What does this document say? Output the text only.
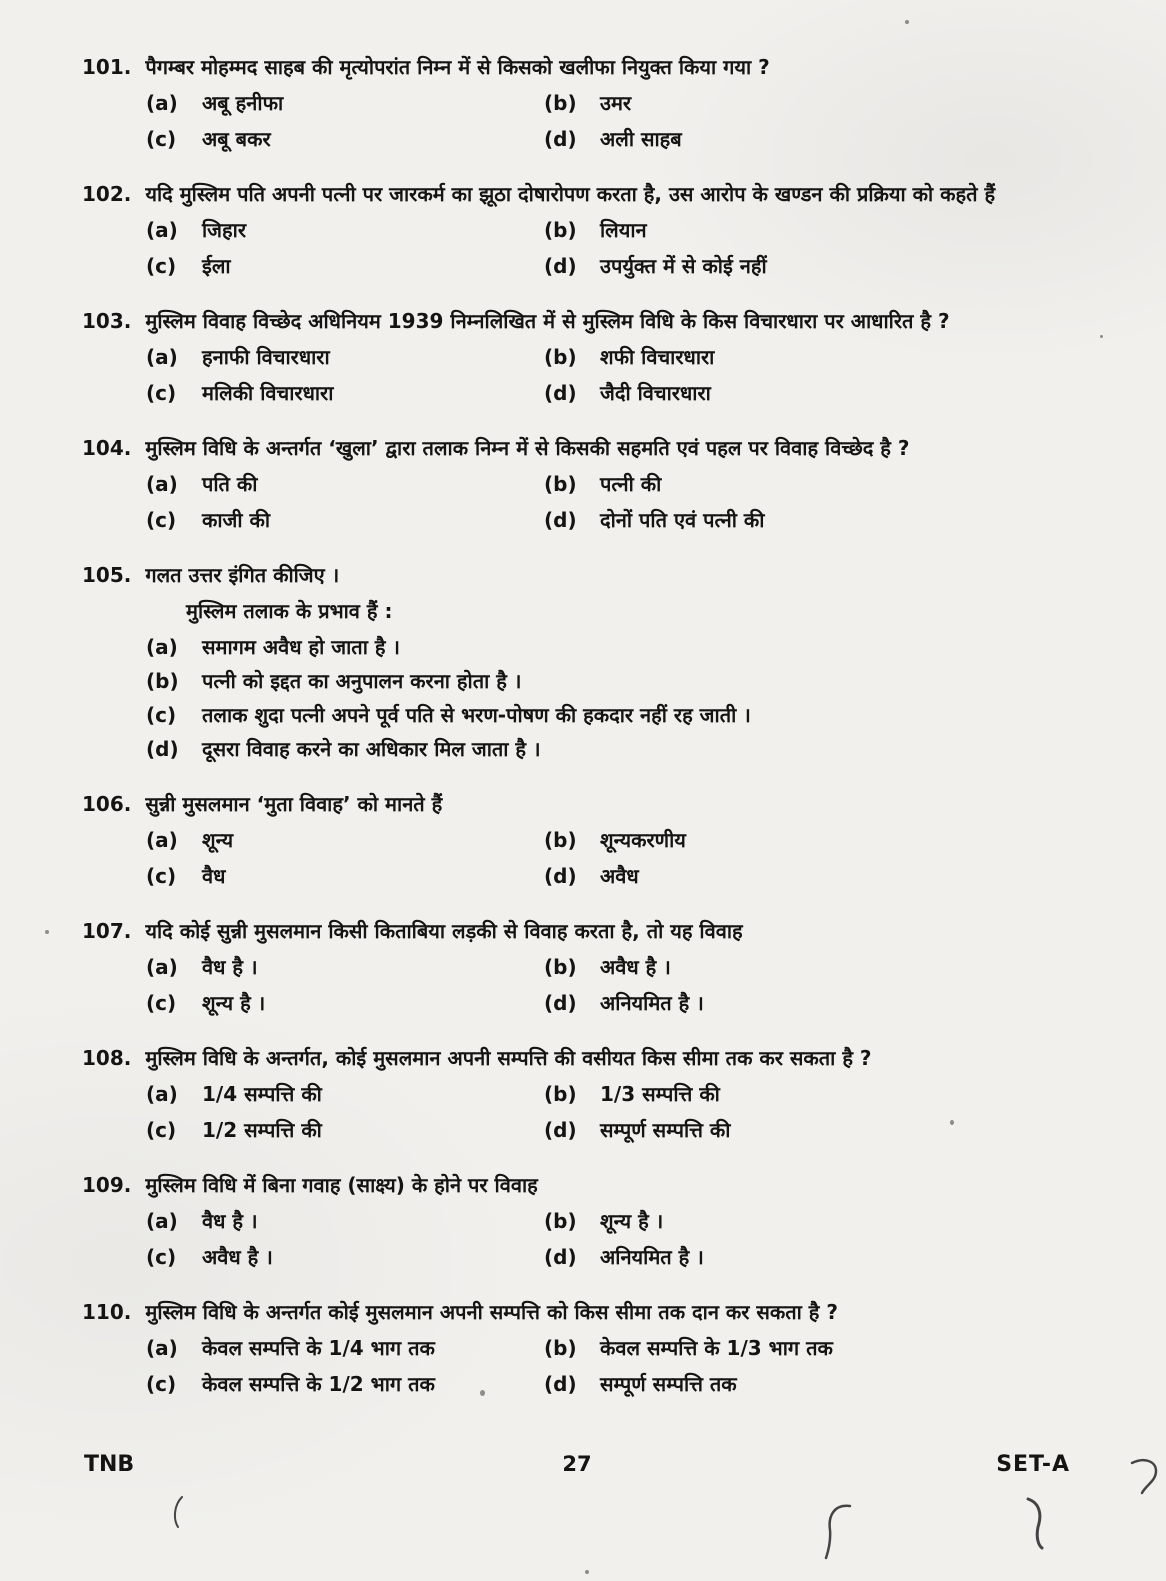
101. पैगम्बर मोहम्मद साहब की मृत्योपरांत निम्न में से किसको खलीफा नियुक्त किया गया ?
(a) अबू हनीफा	(b) उमर
(c) अबू बकर	(d) अली साहब
102. यदि मुस्लिम पति अपनी पत्नी पर जारकर्म का झूठा दोषारोपण करता है, उस आरोप के खण्डन की प्रक्रिया को कहते हैं
(a) जिहार	(b) लियान
(c) ईला	(d) उपर्युक्त में से कोई नहीं
103. मुस्लिम विवाह विच्छेद अधिनियम 1939 निम्नलिखित में से मुस्लिम विधि के किस विचारधारा पर आधारित है ?
(a) हनाफी विचारधारा	(b) शफी विचारधारा
(c) मलिकी विचारधारा	(d) जैदी विचारधारा
104. मुस्लिम विधि के अन्तर्गत ‘खुला’ द्वारा तलाक निम्न में से किसकी सहमति एवं पहल पर विवाह विच्छेद है ?
(a) पति की	(b) पत्नी की
(c) काजी की	(d) दोनों पति एवं पत्नी की
105. गलत उत्तर इंगित कीजिए ।
मुस्लिम तलाक के प्रभाव हैं :
(a) समागम अवैध हो जाता है ।
(b) पत्नी को इद्दत का अनुपालन करना होता है ।
(c) तलाक शुदा पत्नी अपने पूर्व पति से भरण-पोषण की हकदार नहीं रह जाती ।
(d) दूसरा विवाह करने का अधिकार मिल जाता है ।
106. सुन्नी मुसलमान ‘मुता विवाह’ को मानते हैं
(a) शून्य	(b) शून्यकरणीय
(c) वैध	(d) अवैध
107. यदि कोई सुन्नी मुसलमान किसी किताबिया लड़की से विवाह करता है, तो यह विवाह
(a) वैध है ।	(b) अवैध है ।
(c) शून्य है ।	(d) अनियमित है ।
108. मुस्लिम विधि के अन्तर्गत, कोई मुसलमान अपनी सम्पत्ति की वसीयत किस सीमा तक कर सकता है ?
(a) 1/4 सम्पत्ति की	(b) 1/3 सम्पत्ति की
(c) 1/2 सम्पत्ति की	(d) सम्पूर्ण सम्पत्ति की
109. मुस्लिम विधि में बिना गवाह (साक्ष्य) के होने पर विवाह
(a) वैध है ।	(b) शून्य है ।
(c) अवैध है ।	(d) अनियमित है ।
110. मुस्लिम विधि के अन्तर्गत कोई मुसलमान अपनी सम्पत्ति को किस सीमा तक दान कर सकता है ?
(a) केवल सम्पत्ति के 1/4 भाग तक	(b) केवल सम्पत्ति के 1/3 भाग तक
(c) केवल सम्पत्ति के 1/2 भाग तक	(d) सम्पूर्ण सम्पत्ति तक
TNB	27	SET-A
